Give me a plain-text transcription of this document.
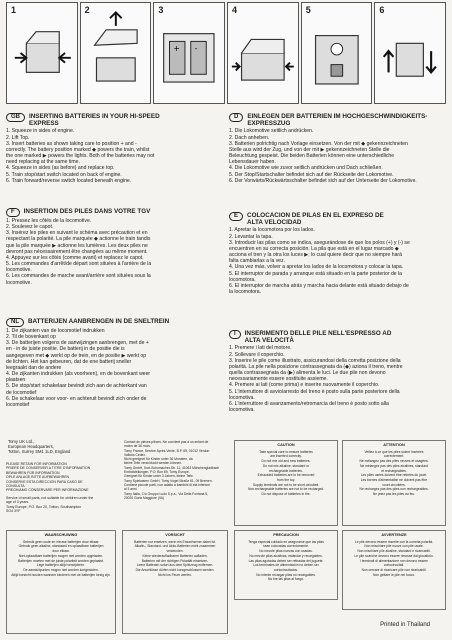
1	2	3
+ -
4	5	6
GB	INSERTING BATTERIES IN YOUR HI-SPEED
EXPRESS
1. Squeeze in sides of engine.
2. Lift Top.
3. Insert batteries as shown taking care to position + and -
correctly. The battery position marked ◆ powers the train, whilst
the one marked ▶ powers the lights. Both of the batteries may not
need replacing at the same time.
4. Squeeze in sides (as before) and replace top.
5. Train stop/start switch located on back of engine.
6. Train forward/reverse switch located beneath engine.
D	EINLEGEN DER BATTERIEN IM HOCHGESCHWINDIGKEITS-
EXPRESSZUG
1. Die Lokomotive seitlich andrücken.
2. Dach anheben.
3. Batterien polrichtig nach Vorlage einsetzen. Von der mit ◆ gekennzeichneten
Stelle aus wird der Zug, und von der mit ▶ gekennzeichneten Stelle die
Beleuchtung gespeist. Die beiden Batterien können eine unterschiedliche
Lebensdauer haben.
4. Die Lokomotive wie zuvor seitlich andrücken und Dach schließen.
5. Der Stop/Startschalter befindet sich auf der Rückseite der Lokomotive.
6. Der Vorwärts/Rückwärtsschalter befindet sich auf der Unterseite der Lokomotive.
F	INSERTION DES PILES DANS VOTRE TGV
1. Pressez les côtés de la locomotive.
2. Soulevez le capot.
3. Insérez les piles en suivant le schéma avec précaution et en
respectant la polarité. La pile marquée ◆ actionne le train tandis
que la pile marquée ▶ actionne les lumières. Les deux piles ne
devront pas nécessairement être changées au même moment.
4. Appuyez sur les côtés (comme avant) et replacez le capot.
5. Les commandes d'arrêt/de départ sont situées à l'arrière de la
locomotive.
6. Les commandes de marche avant/arrière sont situées sous la
locomotive.
E	COLOCACION DE PILAS EN EL EXPRESO DE
ALTA VELOCIDAD
1. Apretar la locomotora por los lados.
2. Levantar la tapa.
3. Introducir las pilas como se indica, asegurándose de que los polos (+) y (-) se
encuentren en su correcta posición. La pila que está en el lugar marcado ◆
acciona el tren y la otra los luces ▶; lo cual quiere decir que no siempre hará
falta cambiarlas a la vez.
4. Una vez más, volver a apretar los lados de la locomotora y colocar la tapa.
5. El interruptor de parada y arranque está situado en la parte posterior de la
locomotora.
6. El interruptor de marcha atrás y marcha hacia delante está situado debajo de
la locomotora.
NL	BATTERIJEN AANBRENGEN IN DE SNELTREIN
1. De zijkanten van de locomotief indrukken
2. Til de bovenkant op
3. De batterijen volgens de aanwijzingen aanbrengen, met de +
en - in de juiste positie. De batterij in de positie die is
aangegeven met ◆ werkt op de trein, en de positie ▶ werkt op
de lichten. Het kan gebeuren, dat de ene batterij sneller
leegraakt dan de andere
4. De zijkanten indrukken (als voorheen), en de bovenkant weer
plaatsen
5. De stop/start schakelaar bevindt zich aan de achterkant van
de locomotief
6. De schakelaar voor voor- en achteruit bevindt zich onder de
locomotief
I	INSERIMENTO DELLE PILE NELL'ESPRESSO AD
ALTA VELOCITÀ
1. Premere i lati del motore.
2. Sollevare il coperchio.
3. Inserire le pile come illustrato, assicurandosi della corretta posizione della
polarità. La pile nella posizione contrassegnata da (◆) aziona il treno, mentre
quella contrassegnata da (▶) alimenta le luci. Le due pile non devono
necessariamente essere sostituite assieme.
4. Premere ai lati (come prima) e inserire nuovamente il coperchio.
5. L'interruttore di avvio/arresto del treno è posto sulla parte posteriore della
locomotiva.
6. L'interruttore di avanzamento/retromarcia del treno è posto sotto alla
locomotiva.
Tomy UK Ltd.,
European Headquarters,
Totton, Surrey SM1 1LD, England
PLEASE RETAIN FOR INFORMATION
PRIERE DE CONSERVER A TITRE D'INFORMATION
BEWAHREN FÜR INFORMATION
OPLE ANLAGE BITTE AUFBEWAHREN
CONSERVE ESTA DIRECCION PARA CASO DE
CONSULTA
PREGHIAMO CONSERVARE PER INFORMAZIONE
Service of small parts, not suitable for children under the
age of 3 years.
Tomy Europe, P.O. Box 20, Totton, Southampton
SO4 3YF
Contact de pièces pièces. Ne convient pas à un enfant de
moins de 36 mois.
Tomy France, Service Après-Vente, B.P. 69, 01012 Verdun
Valbois Cedex.
Nicht geeignet für Kinder unter 36 Monaten, da
kleine Teile verschluckt werden können.
Tomy GmbH, Kurt-Schumacher-Str. 11, 41063 Mönchengladbach
Embolstellungen, P.O. Box 69, Tomy Europe.
Geeignet für Kinder unter 3 Jahren, kleine Teile.
Tomy Spielwaren GmbH, Tomy Vogel Straße 61, 09 Bremen.
Contiene piccole parti, non adatto a bambini di età inferiore
ai 3 anni.
Tomy Italia, C/o Gruppo Ludo S.p.a., Via Della Fontana 5,
20020 Gorla Maggiore (VA)
WAARSCHUWING
Gebruik geen oude en nieuwe batterijen door elkaar.
Gebruik geen alkaline, standaard en oplaadbare batterijen
door elkaar.
Niet-oplaadbare batterijen mogen niet worden opgeladen.
Batterijen moeten met de juiste polariteit worden geplaatst.
Lege batterijen altijd verwijderen.
De aansluitpunten mogen niet worden kortgesloten.
Altijd toezicht houden wanneer kinderen met de batterijen bezig zijn.
VORSICHT
Batterien nur ersetzen, wenn ein Erwachsener dabei ist.
Alkalin-, Standard- und Akku-Batterien nicht zusammen
verwenden.
Keine wiederaufladbaren Batterien aufladen.
Batterien mit der richtigen Polarität einsetzen.
Leere Batterien sofort aus dem Spielzeug entfernen.
Die Anschlüsse dürfen nicht kurzgeschlossen werden.
Nicht ins Feuer werfen.
PRECAUCION
Tenga especial cuidado en asegurarse que las pilas
sean colocadas correctamente.
No mezcle pilas nuevas con usadas.
No mezcle pilas alcalinas, estándar y recargables.
Las pilas agotadas deben ser retiradas del juguete.
Los terminales de alimentación no deben ser
cortocircuitados.
No intente recargar pilas no recargables.
No tire las pilas al fuego.
AVVERTENZE
Le pile devono essere inserite con la corretta polarità.
Non mischiare pile nuove con pile usate.
Non mischiare pile alcaline, standard e ricaricabili.
Le pile scariche devono essere rimosse dal giocattolo.
I terminali di alimentazione non devono essere
cortocircuitati.
Non cercare di ricaricare pile non ricaricabili.
Non gettare le pile nel fuoco.
CAUTION
Take special care to ensure batteries
are inserted correctly.
Do not mix old and new batteries.
Do not mix alkaline, standard or
rechargeable batteries.
Exhausted batteries are to be removed
from the toy.
Supply terminals are not to be short-circuited.
Non-rechargeable batteries are not to be recharged.
Do not dispose of batteries in fire.
ATTENTION
Veillez à ce que les piles soient insérées
correctement.
Ne mélangez pas des piles neuves et usagées.
Ne mélangez pas des piles alcalines, standard
et rechargeables.
Les piles usées doivent être retirées du jouet.
Les bornes d'alimentation ne doivent pas être
court-circuitées.
Ne rechargez pas des piles non rechargeables.
Ne jetez pas les piles au feu.
Printed in Thailand
